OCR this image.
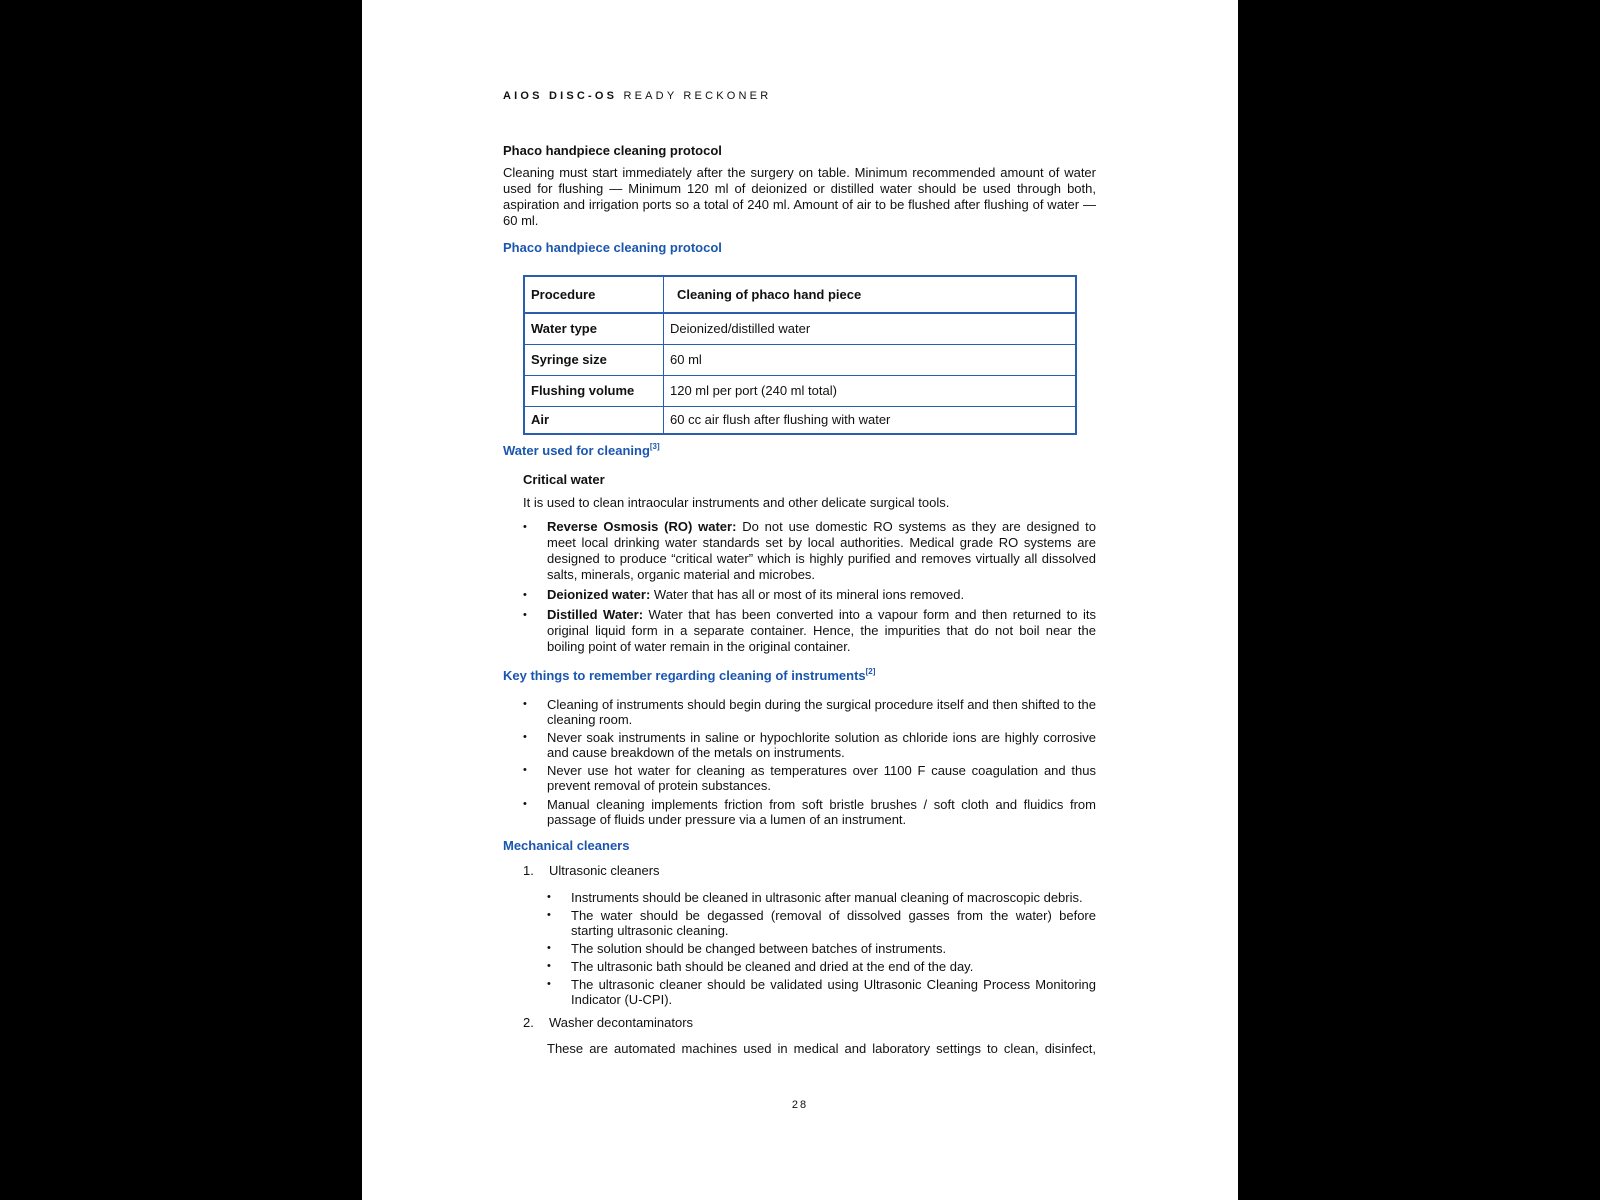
AIOS DISC-OS READY RECKONER
Phaco handpiece cleaning protocol
Cleaning must start immediately after the surgery on table. Minimum recommended amount of water used for flushing — Minimum 120 ml of deionized or distilled water should be used through both, aspiration and irrigation ports so a total of 240 ml. Amount of air to be flushed after flushing of water — 60 ml.
Phaco handpiece cleaning protocol
Procedure	Cleaning of phaco hand piece
Water type	Deionized/distilled water
Syringe size	60 ml
Flushing volume	120 ml per port (240 ml total)
Air	60 cc air flush after flushing with water
Water used for cleaning[3]
Critical water
It is used to clean intraocular instruments and other delicate surgical tools.
• Reverse Osmosis (RO) water: Do not use domestic RO systems as they are designed to meet local drinking water standards set by local authorities. Medical grade RO systems are designed to produce “critical water” which is highly purified and removes virtually all dissolved salts, minerals, organic material and microbes.
• Deionized water: Water that has all or most of its mineral ions removed.
• Distilled Water: Water that has been converted into a vapour form and then returned to its original liquid form in a separate container. Hence, the impurities that do not boil near the boiling point of water remain in the original container.
Key things to remember regarding cleaning of instruments[2]
• Cleaning of instruments should begin during the surgical procedure itself and then shifted to the cleaning room.
• Never soak instruments in saline or hypochlorite solution as chloride ions are highly corrosive and cause breakdown of the metals on instruments.
• Never use hot water for cleaning as temperatures over 1100 F cause coagulation and thus prevent removal of protein substances.
• Manual cleaning implements friction from soft bristle brushes / soft cloth and fluidics from passage of fluids under pressure via a lumen of an instrument.
Mechanical cleaners
1. Ultrasonic cleaners
• Instruments should be cleaned in ultrasonic after manual cleaning of macroscopic debris.
• The water should be degassed (removal of dissolved gasses from the water) before starting ultrasonic cleaning.
• The solution should be changed between batches of instruments.
• The ultrasonic bath should be cleaned and dried at the end of the day.
• The ultrasonic cleaner should be validated using Ultrasonic Cleaning Process Monitoring Indicator (U-CPI).
2. Washer decontaminators
These are automated machines used in medical and laboratory settings to clean, disinfect,
28
